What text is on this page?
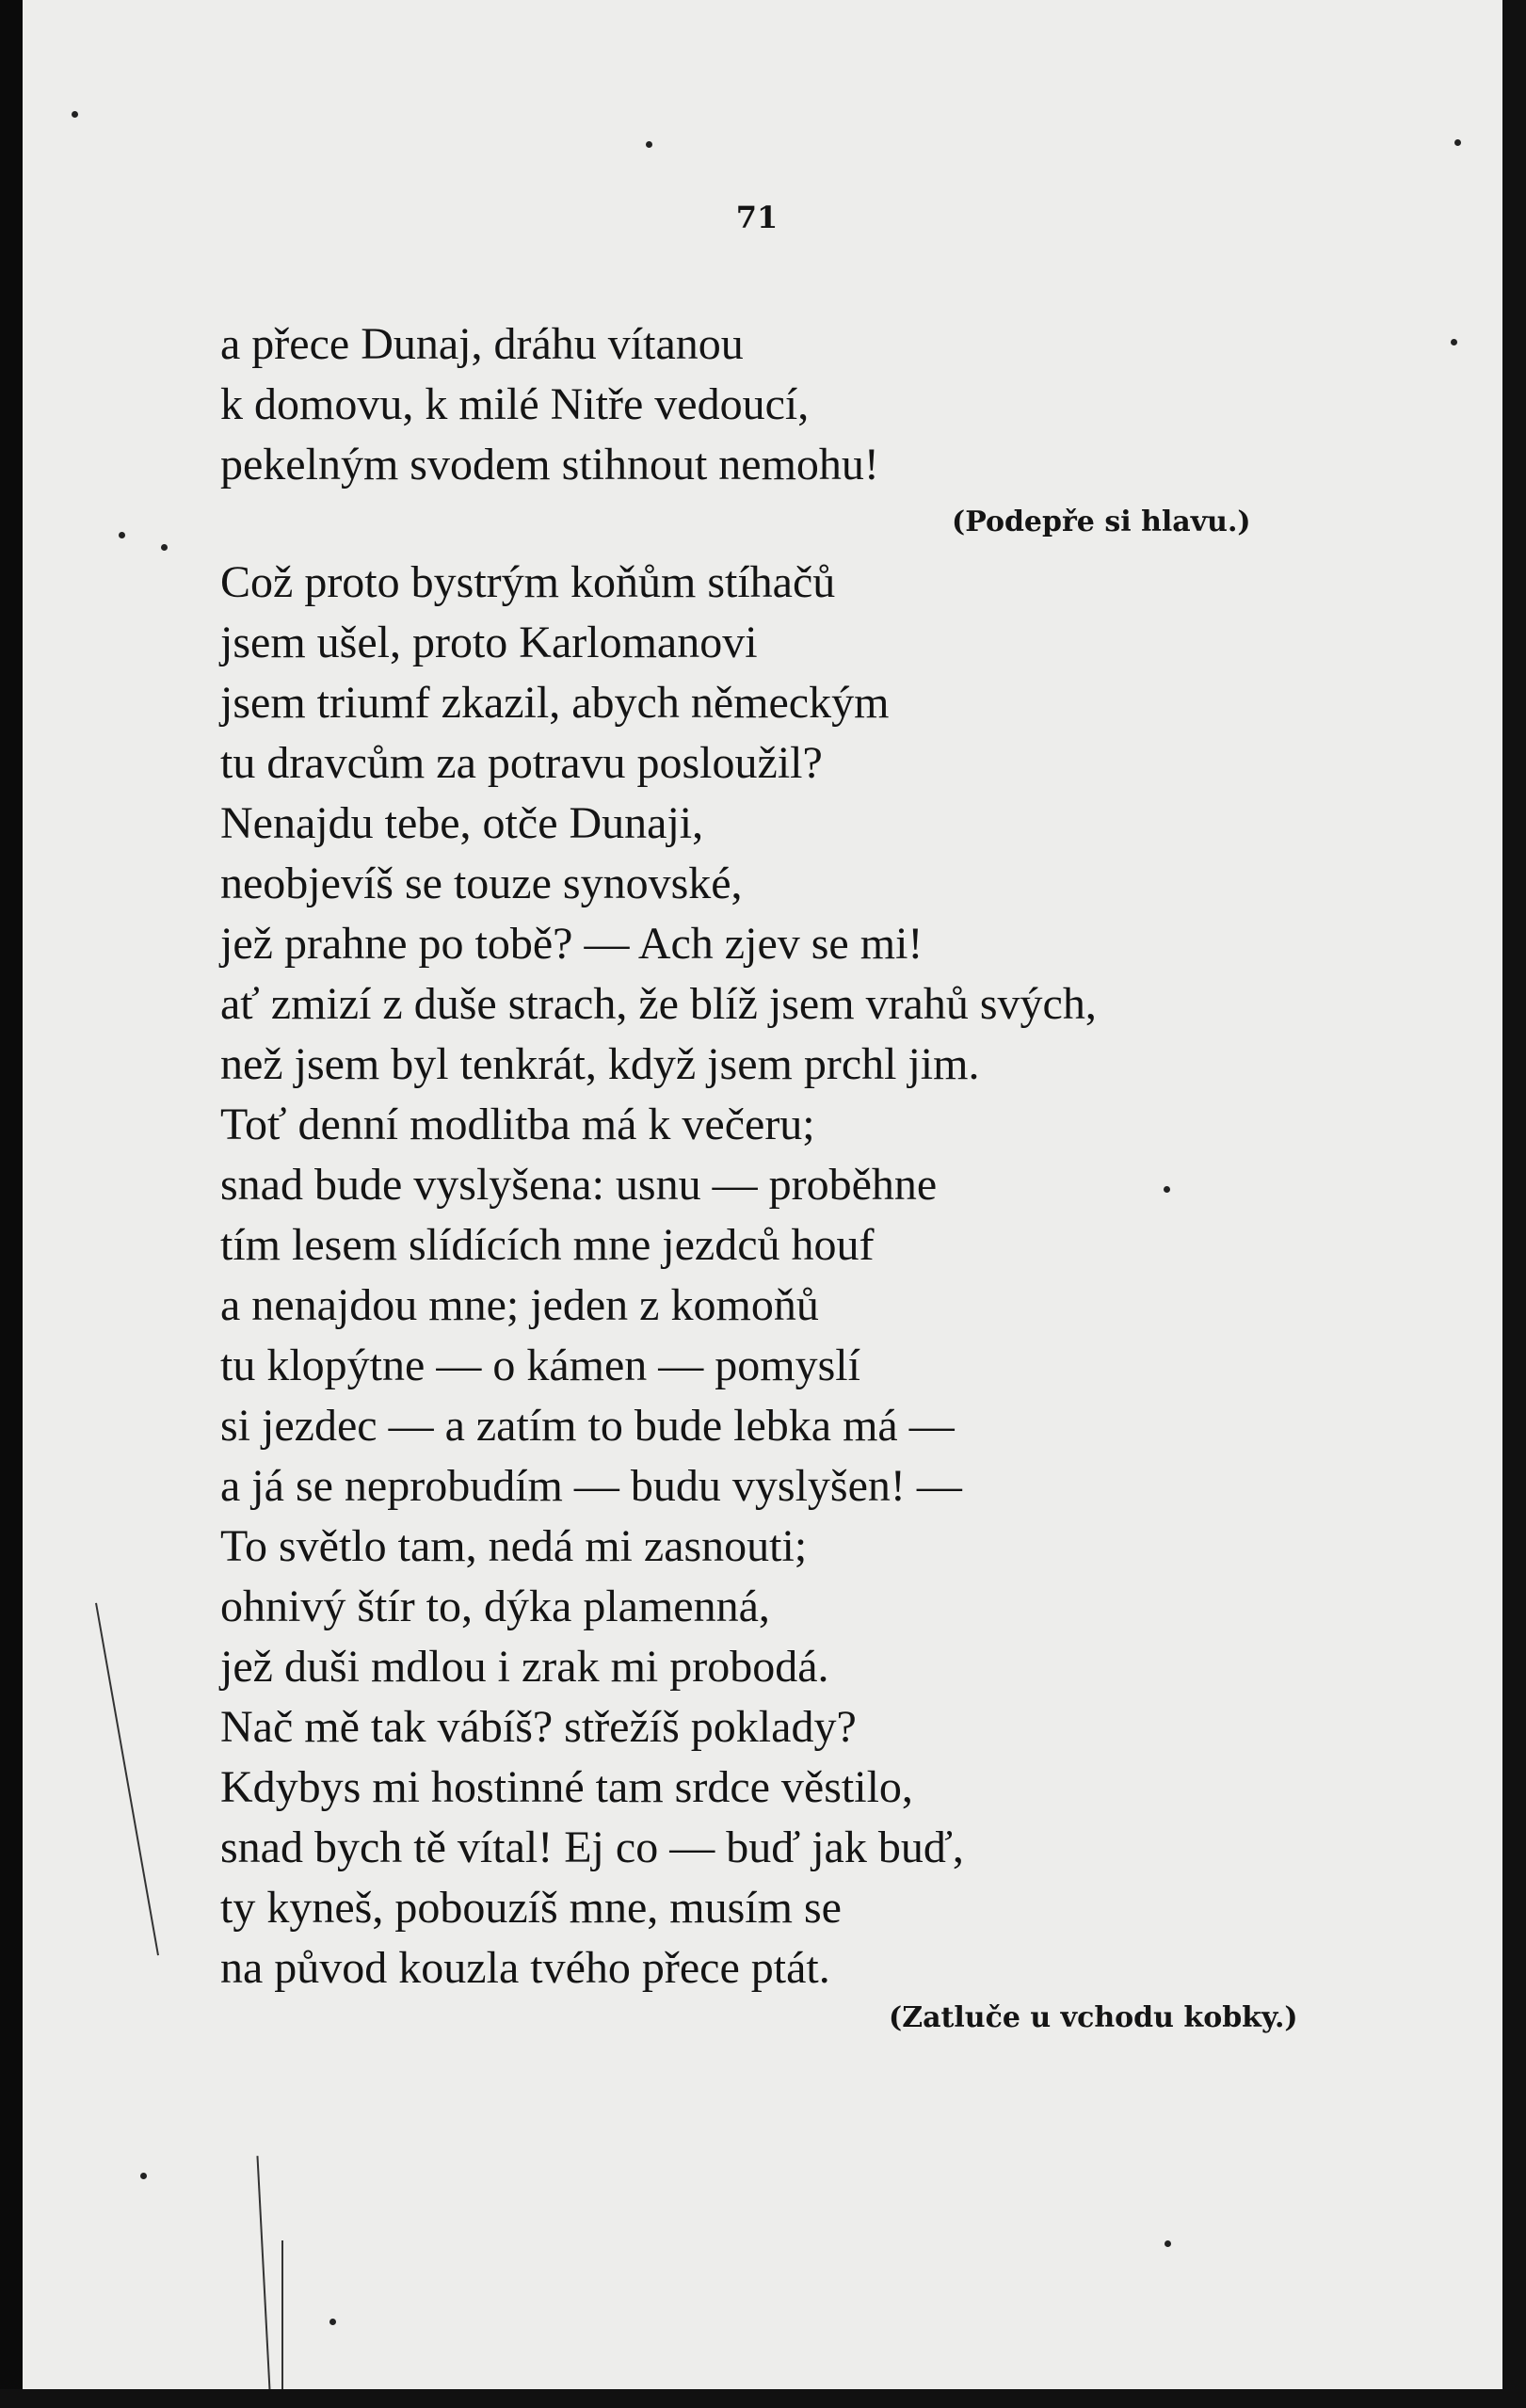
71
a přece Dunaj, dráhu vítanou
k domovu, k milé Nitře vedoucí,
pekelným svodem stihnout nemohu!
(Podepře si hlavu.)
Což proto bystrým koňům stíhačů
jsem ušel, proto Karlomanovi
jsem triumf zkazil, abych německým
tu dravcům za potravu posloužil?
Nenajdu tebe, otče Dunaji,
neobjevíš se touze synovské,
jež prahne po tobě? — Ach zjev se mi!
ať zmizí z duše strach, že blíž jsem vrahů svých,
než jsem byl tenkrát, když jsem prchl jim.
Toť denní modlitba má k večeru;
snad bude vyslyšena: usnu — proběhne
tím lesem slídících mne jezdců houf
a nenajdou mne; jeden z komoňů
tu klopýtne — o kámen — pomyslí
si jezdec — a zatím to bude lebka má —
a já se neprobudím — budu vyslyšen! —
To světlo tam, nedá mi zasnouti;
ohnivý štír to, dýka plamenná,
jež duši mdlou i zrak mi probodá.
Nač mě tak vábíš? střežíš poklady?
Kdybys mi hostinné tam srdce věstilo,
snad bych tě vítal! Ej co — buď jak buď,
ty kyneš, pobouzíš mne, musím se
na původ kouzla tvého přece ptát.
(Zatluče u vchodu kobky.)
